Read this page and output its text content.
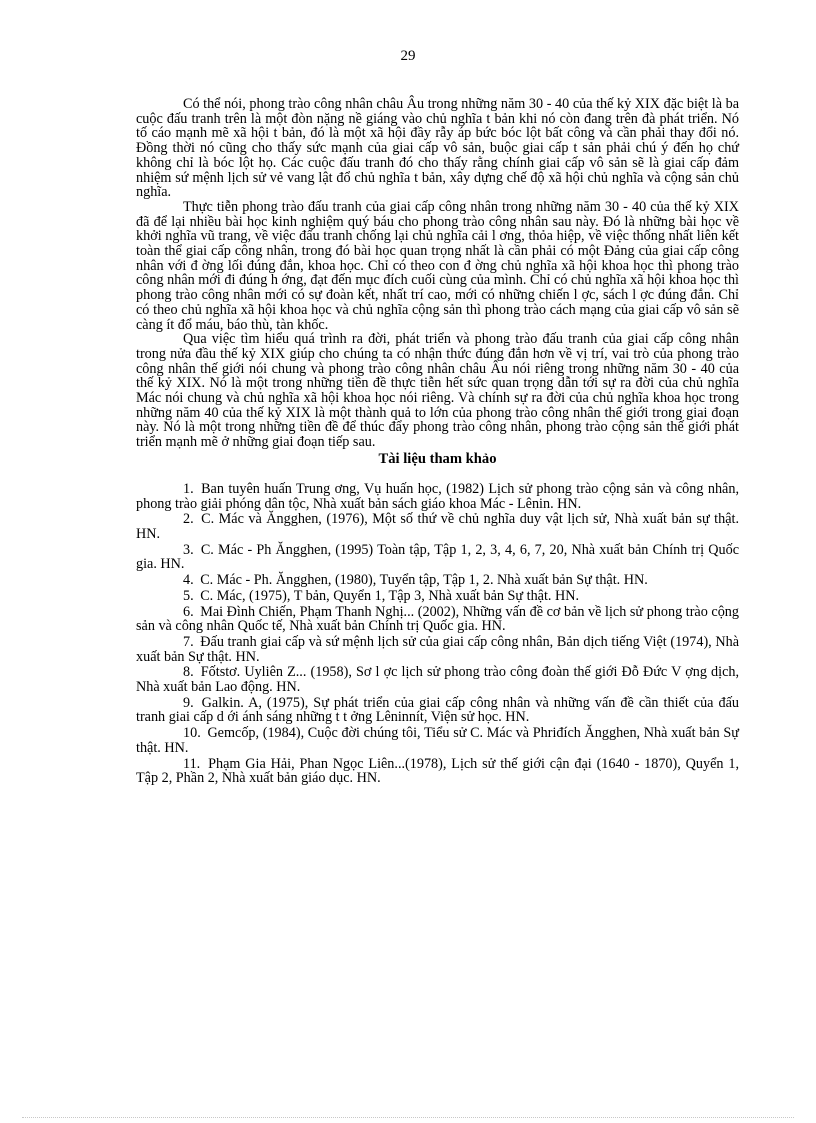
29

Có thể nói, phong trào công nhân châu Âu trong những năm 30 - 40 của thế kỷ XIX đặc biệt là ba cuộc đấu tranh trên là một đòn nặng nề giáng vào chủ nghĩa t bản khi nó còn đang trên đà phát triển. Nó tố cáo mạnh mẽ xã hội t bản, đó là một xã hội đầy rẫy áp bức bóc lột bất công và cần phải thay đổi nó. Đồng thời nó cũng cho thấy sức mạnh của giai cấp vô sản, buộc giai cấp t sản phải chú ý đến họ chứ không chỉ là bóc lột họ. Các cuộc đấu tranh đó cho thấy rằng chính giai cấp vô sản sẽ là giai cấp đảm nhiệm sứ mệnh lịch sử vẻ vang lật đổ chủ nghĩa t bản, xây dựng chế độ xã hội chủ nghĩa và cộng sản chủ nghĩa.

Thực tiễn phong trào đấu tranh của giai cấp công nhân trong những năm 30 - 40 của thế kỷ XIX đã để lại nhiều bài học kinh nghiệm quý báu cho phong trào công nhân sau này. Đó là những bài học về khởi nghĩa vũ trang, về việc đấu tranh chống lại chủ nghĩa cải l ơng, thỏa hiệp, về việc thống nhất liên kết toàn thể giai cấp công nhân, trong đó bài học quan trọng nhất là cần phải có một Đảng của giai cấp công nhân với đ ờng lối đúng đắn, khoa học. Chỉ có theo con đ ờng chủ nghĩa xã hội khoa học thì phong trào công nhân mới đi đúng h ớng, đạt đến mục đích cuối cùng của mình. Chỉ có chủ nghĩa xã hội khoa học thì phong trào công nhân mới có sự đoàn kết, nhất trí cao, mới có những chiến l ợc, sách l ợc đúng đắn. Chỉ có theo chủ nghĩa xã hội khoa học và chủ nghĩa cộng sản thì phong trào cách mạng của giai cấp vô sản sẽ càng ít đổ máu, báo thù, tàn khốc.

Qua việc tìm hiểu quá trình ra đời, phát triển và phong trào đấu tranh của giai cấp công nhân trong nửa đầu thế kỷ XIX giúp cho chúng ta có nhận thức đúng đắn hơn về vị trí, vai trò của phong trào công nhân thế giới nói chung và phong trào công nhân châu Âu nói riêng trong những năm 30 - 40 của thế kỷ XIX. Nó là một trong những tiền đề thực tiễn hết sức quan trọng dẫn tới sự ra đời của chủ nghĩa Mác nói chung và chủ nghĩa xã hội khoa học nói riêng. Và chính sự ra đời của chủ nghĩa khoa học trong những năm 40 của thế kỷ XIX là một thành quả to lớn của phong trào công nhân thế giới trong giai đoạn này. Nó là một trong những tiền đề để thúc đẩy phong trào công nhân, phong trào cộng sản thế giới phát triển mạnh mẽ ở những giai đoạn tiếp sau.

Tài liệu tham khảo
1. Ban tuyên huấn Trung ơng, Vụ huấn học, (1982) Lịch sử phong trào cộng sản và công nhân, phong trào giải phóng dân tộc, Nhà xuất bản sách giáo khoa Mác - Lênin. HN.
2. C. Mác và Ăngghen, (1976), Một số thứ về chủ nghĩa duy vật lịch sử, Nhà xuất bản sự thật. HN.
3. C. Mác - Ph Ăngghen, (1995) Toàn tập, Tập 1, 2, 3, 4, 6, 7, 20, Nhà xuất bản Chính trị Quốc gia. HN.
4. C. Mác - Ph. Ăngghen, (1980), Tuyển tập, Tập 1, 2. Nhà xuất bản Sự thật. HN.
5. C. Mác, (1975), T bản, Quyển 1, Tập 3, Nhà xuất bản Sự thật. HN.
6. Mai Đình Chiến, Phạm Thanh Nghị... (2002), Những vấn đề cơ bản về lịch sử phong trào cộng sản và công nhân Quốc tế, Nhà xuất bản Chính trị Quốc gia. HN.
7. Đấu tranh giai cấp và sứ mệnh lịch sử của giai cấp công nhân, Bản dịch tiếng Việt (1974), Nhà xuất bản Sự thật. HN.
8. Fốtstơ. Uyliên Z... (1958), Sơ l ợc lịch sử phong trào công đoàn thế giới Đỗ Đức V ợng dịch, Nhà xuất bản Lao động. HN.
9. Galkin. A, (1975), Sự phát triển của giai cấp công nhân và những vấn đề cần thiết của đấu tranh giai cấp d ới ánh sáng những t t ởng Lêninnít, Viện sử học. HN.
10. Gemcốp, (1984), Cuộc đời chúng tôi, Tiểu sử C. Mác và Phriđích Ăngghen, Nhà xuất bản Sự thật. HN.
11. Phạm Gia Hải, Phan Ngọc Liên...(1978), Lịch sử thế giới cận đại (1640 - 1870), Quyển 1, Tập 2, Phần 2, Nhà xuất bản giáo dục. HN.
